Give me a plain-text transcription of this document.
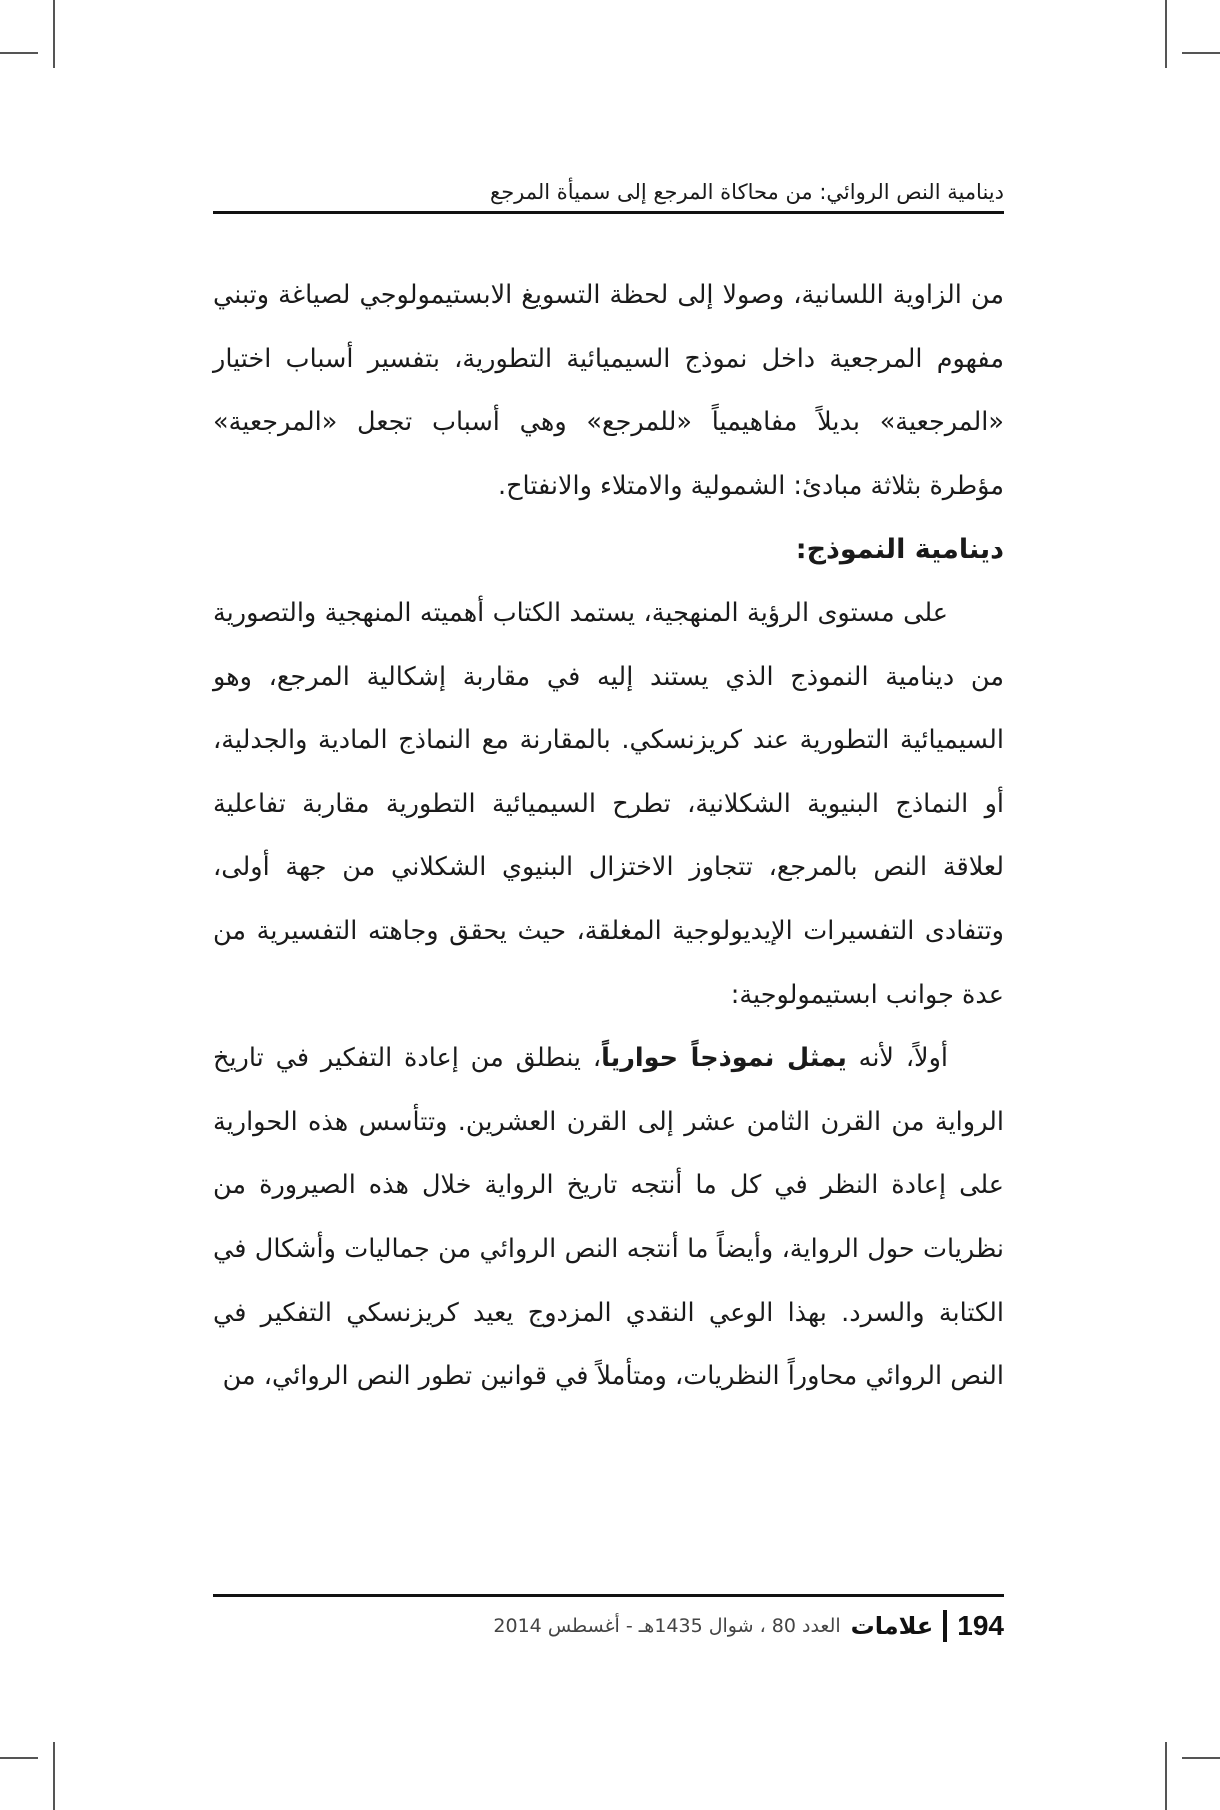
دينامية النص الروائي: من محاكاة المرجع إلى سميأة المرجع

من الزاوية اللسانية، وصولا إلى لحظة التسويغ الابستيمولوجي لصياغة وتبني مفهوم المرجعية داخل نموذج السيميائية التطورية، بتفسير أسباب اختيار «المرجعية» بديلاً مفاهيمياً «للمرجع» وهي أسباب تجعل «المرجعية» مؤطرة بثلاثة مبادئ: الشمولية والامتلاء والانفتاح.

دينامية النموذج:

على مستوى الرؤية المنهجية، يستمد الكتاب أهميته المنهجية والتصورية من دينامية النموذج الذي يستند إليه في مقاربة إشكالية المرجع، وهو السيميائية التطورية عند كريزنسكي. بالمقارنة مع النماذج المادية والجدلية، أو النماذج البنيوية الشكلانية، تطرح السيميائية التطورية مقاربة تفاعلية لعلاقة النص بالمرجع، تتجاوز الاختزال البنيوي الشكلاني من جهة أولى، وتتفادى التفسيرات الإيديولوجية المغلقة، حيث يحقق وجاهته التفسيرية من عدة جوانب ابستيمولوجية:

أولاً، لأنه يمثل نموذجاً حوارياً، ينطلق من إعادة التفكير في تاريخ الرواية من القرن الثامن عشر إلى القرن العشرين. وتتأسس هذه الحوارية على إعادة النظر في كل ما أنتجه تاريخ الرواية خلال هذه الصيرورة من نظريات حول الرواية، وأيضاً ما أنتجه النص الروائي من جماليات وأشكال في الكتابة والسرد. بهذا الوعي النقدي المزدوج يعيد كريزنسكي التفكير في النص الروائي محاوراً النظريات، ومتأملاً في قوانين تطور النص الروائي، من

194
علامات
العدد 80 ، شوال 1435هـ - أغسطس 2014
